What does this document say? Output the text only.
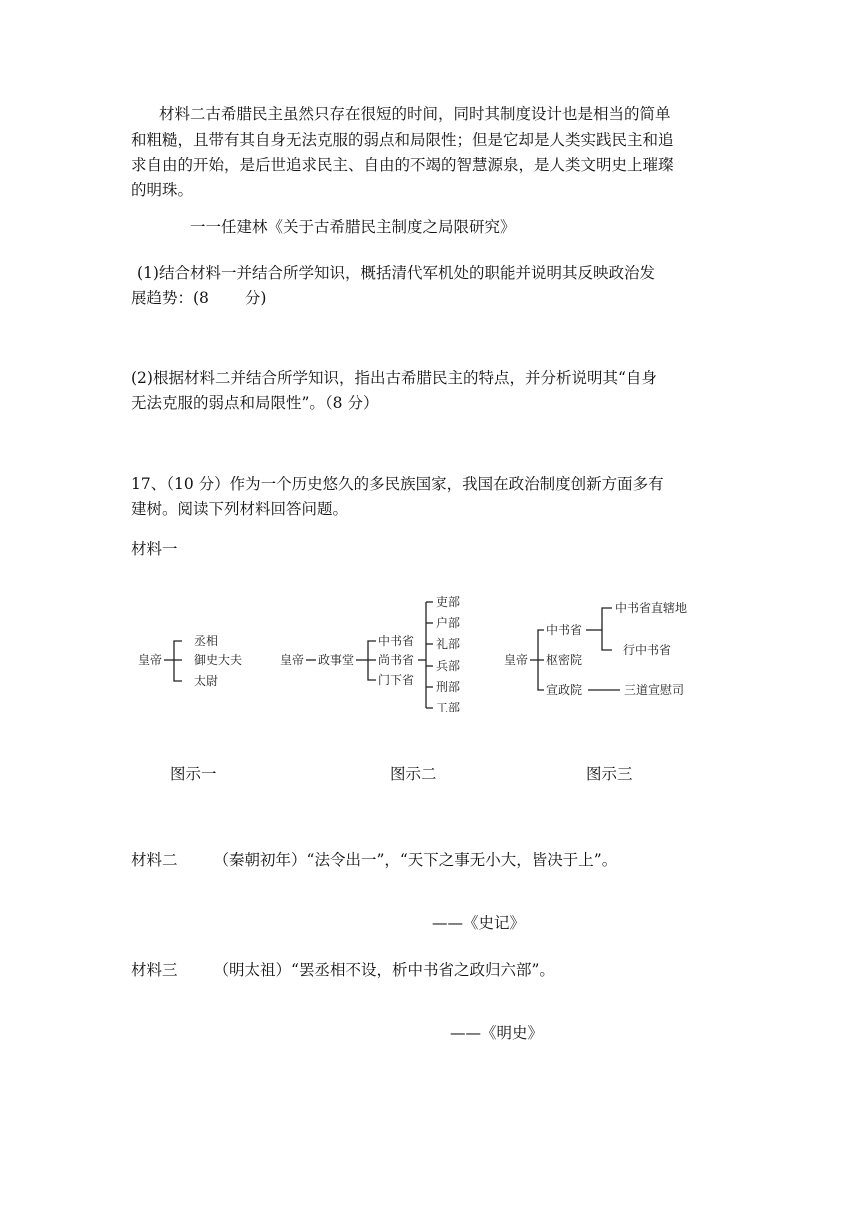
材料二古希腊民主虽然只存在很短的时间，同时其制度设计也是相当的简单
和粗糙，且带有其自身无法克服的弱点和局限性；但是它却是人类实践民主和追
求自由的开始，是后世追求民主、自由的不竭的智慧源泉，是人类文明史上璀璨
的明珠。
一一任建林《关于古希腊民主制度之局限研究》
(1)结合材料一并结合所学知识，概括清代军机处的职能并说明其反映政治发
展趋势：(8 分)
(2)根据材料二并结合所学知识，指出古希腊民主的特点，并分析说明其“自身
无法克服的弱点和局限性”。（8 分）
17、（10 分）作为一个历史悠久的多民族国家，我国在政治制度创新方面多有
建树。阅读下列材料回答问题。
材料一
皇帝
丞相
御史大夫
太尉
皇帝 政事堂
中书省
尚书省
门下省
吏部
户部
礼部
兵部
刑部
工部
皇帝
中书省
枢密院
宣政院
中书省直辖地
行中书省
三道宣慰司
图示一	图示二	图示三
材料二 （秦朝初年）“法令出一”，“天下之事无小大，皆决于上”。
——《史记》
材料三 （明太祖）“罢丞相不设，析中书省之政归六部”。
——《明史》
